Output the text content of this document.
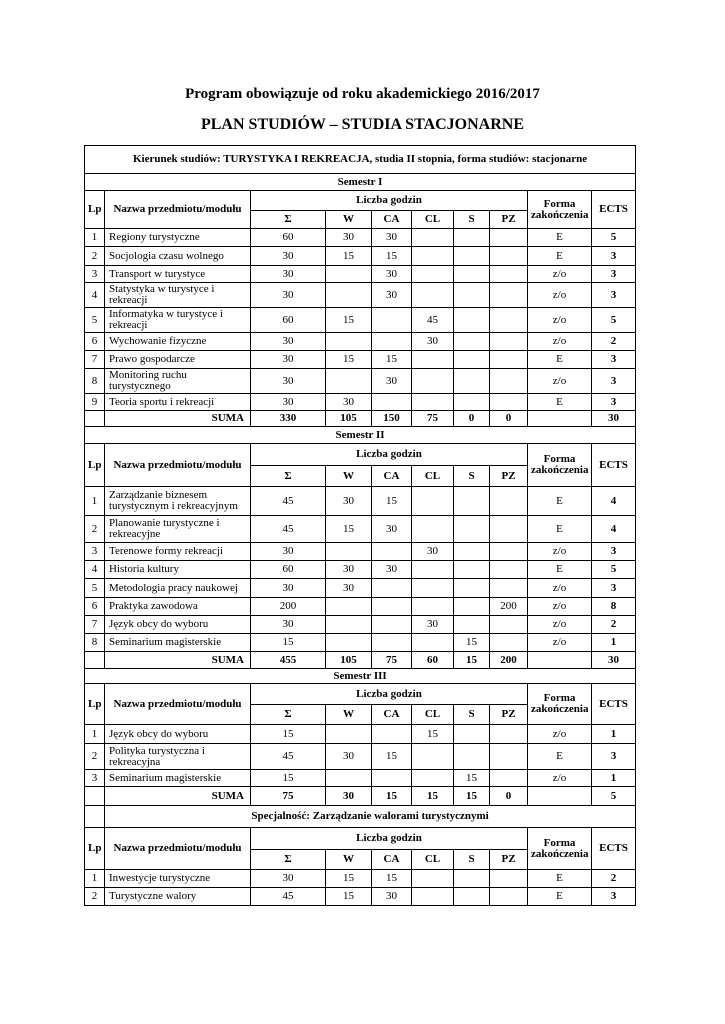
Program obowiązuje od roku akademickiego 2016/2017
PLAN STUDIÓW – STUDIA STACJONARNE
Kierunek studiów: TURYSTYKA I REKREACJA, studia II stopnia, forma studiów: stacjonarne									
Semestr I									
Lp	Nazwa przedmiotu/modułu	Liczba godzin						Forma zakończenia	ECTS
		Σ	W	CA	CL	S	PZ		
1	Regiony turystyczne	60	30	30				E	5
2	Socjologia czasu wolnego	30	15	15				E	3
3	Transport w turystyce	30		30				z/o	3
4	Statystyka w turystyce i rekreacji	30		30				z/o	3
5	Informatyka w turystyce i rekreacji	60	15		45			z/o	5
6	Wychowanie fizyczne	30			30			z/o	2
7	Prawo gospodarcze	30	15	15				E	3
8	Monitoring ruchu turystycznego	30		30				z/o	3
9	Teoria sportu i rekreacji	30	30					E	3
	SUMA	330	105	150	75	0	0		30
Semestr II									
Lp	Nazwa przedmiotu/modułu	Liczba godzin						Forma zakończenia	ECTS
		Σ	W	CA	CL	S	PZ		
1	Zarządzanie biznesem turystycznym i rekreacyjnym	45	30	15				E	4
2	Planowanie turystyczne i rekreacyjne	45	15	30				E	4
3	Terenowe formy rekreacji	30			30			z/o	3
4	Historia kultury	60	30	30				E	5
5	Metodologia pracy naukowej	30	30					z/o	3
6	Praktyka zawodowa	200					200	z/o	8
7	Język obcy do wyboru	30			30			z/o	2
8	Seminarium magisterskie	15				15		z/o	1
	SUMA	455	105	75	60	15	200		30
Semestr III									
Lp	Nazwa przedmiotu/modułu	Liczba godzin						Forma zakończenia	ECTS
		Σ	W	CA	CL	S	PZ		
1	Język obcy do wyboru	15			15			z/o	1
2	Polityka turystyczna i rekreacyjna	45	30	15				E	3
3	Seminarium magisterskie	15				15		z/o	1
	SUMA	75	30	15	15	15	0		5
	Specjalność: Zarządzanie walorami turystycznymi								
Lp	Nazwa przedmiotu/modułu	Liczba godzin						Forma zakończenia	ECTS
		Σ	W	CA	CL	S	PZ		
1	Inwestycje turystyczne	30	15	15				E	2
2	Turystyczne walory	45	15	30				E	3
